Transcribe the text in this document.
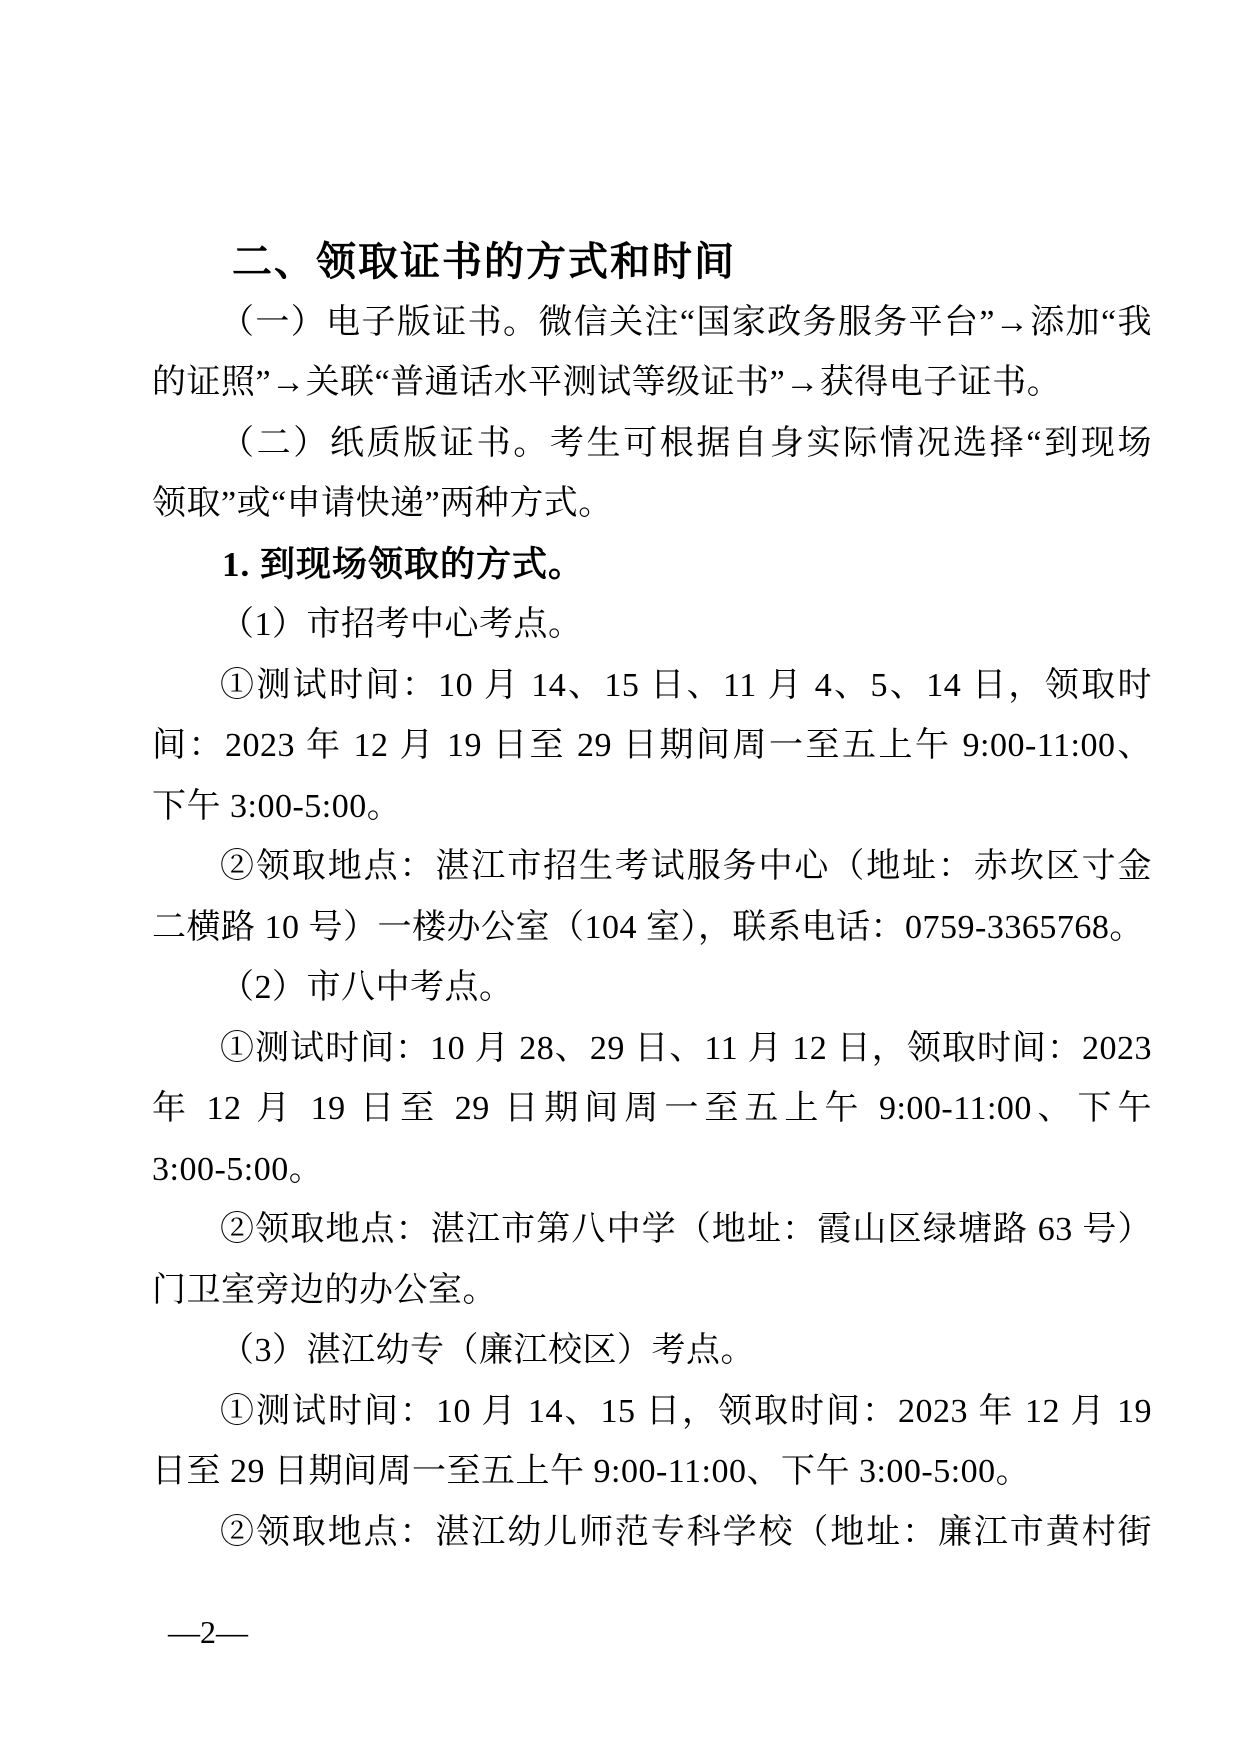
二、领取证书的方式和时间
（一）电子版证书。微信关注“国家政务服务平台”→添加“我
的证照”→关联“普通话水平测试等级证书”→获得电子证书。
（二）纸质版证书。考生可根据自身实际情况选择“到现场
领取”或“申请快递”两种方式。
1. 到现场领取的方式。
（1）市招考中心考点。
①测试时间：10 月 14、15 日、11 月 4、5、14 日，领取时
间：2023 年 12 月 19 日至 29 日期间周一至五上午 9:00-11:00、
下午 3:00-5:00。
②领取地点：湛江市招生考试服务中心（地址：赤坎区寸金
二横路 10 号）一楼办公室（104 室），联系电话：0759-3365768。
（2）市八中考点。
①测试时间：10 月 28、29 日、11 月 12 日，领取时间：2023
年 12 月 19 日至 29 日期间周一至五上午 9:00-11:00、下午
3:00-5:00。
②领取地点：湛江市第八中学（地址：霞山区绿塘路 63 号）
门卫室旁边的办公室。
（3）湛江幼专（廉江校区）考点。
①测试时间：10 月 14、15 日，领取时间：2023 年 12 月 19
日至 29 日期间周一至五上午 9:00-11:00、下午 3:00-5:00。
②领取地点：湛江幼儿师范专科学校（地址：廉江市黄村街
—2—
